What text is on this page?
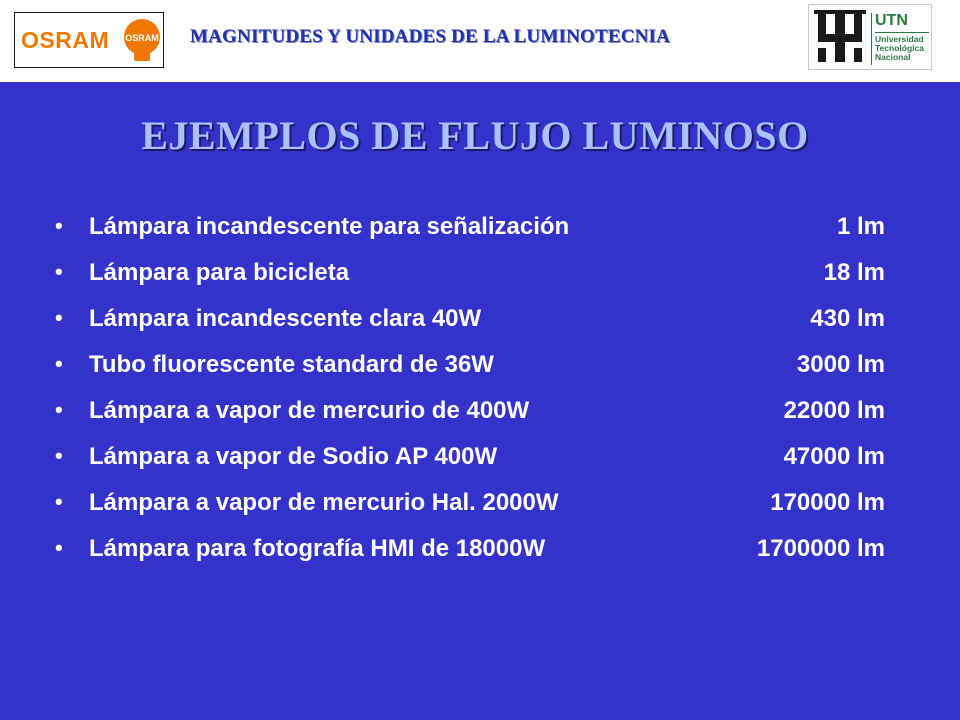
OSRAM OSRAM MAGNITUDES Y UNIDADES DE LA LUMINOTECNIA
UTN
Universidad
Tecnológica
Nacional
EJEMPLOS DE FLUJO LUMINOSO
•	Lámpara incandescente para señalización	1 lm
•	Lámpara para bicicleta	18 lm
•	Lámpara incandescente clara 40W	430 lm
•	Tubo fluorescente standard de 36W	3000 lm
•	Lámpara a vapor de mercurio de 400W	22000 lm
•	Lámpara a vapor de Sodio AP 400W	47000 lm
•	Lámpara a vapor de mercurio Hal. 2000W	170000 lm
•	Lámpara para fotografía HMI de 18000W	1700000 lm
